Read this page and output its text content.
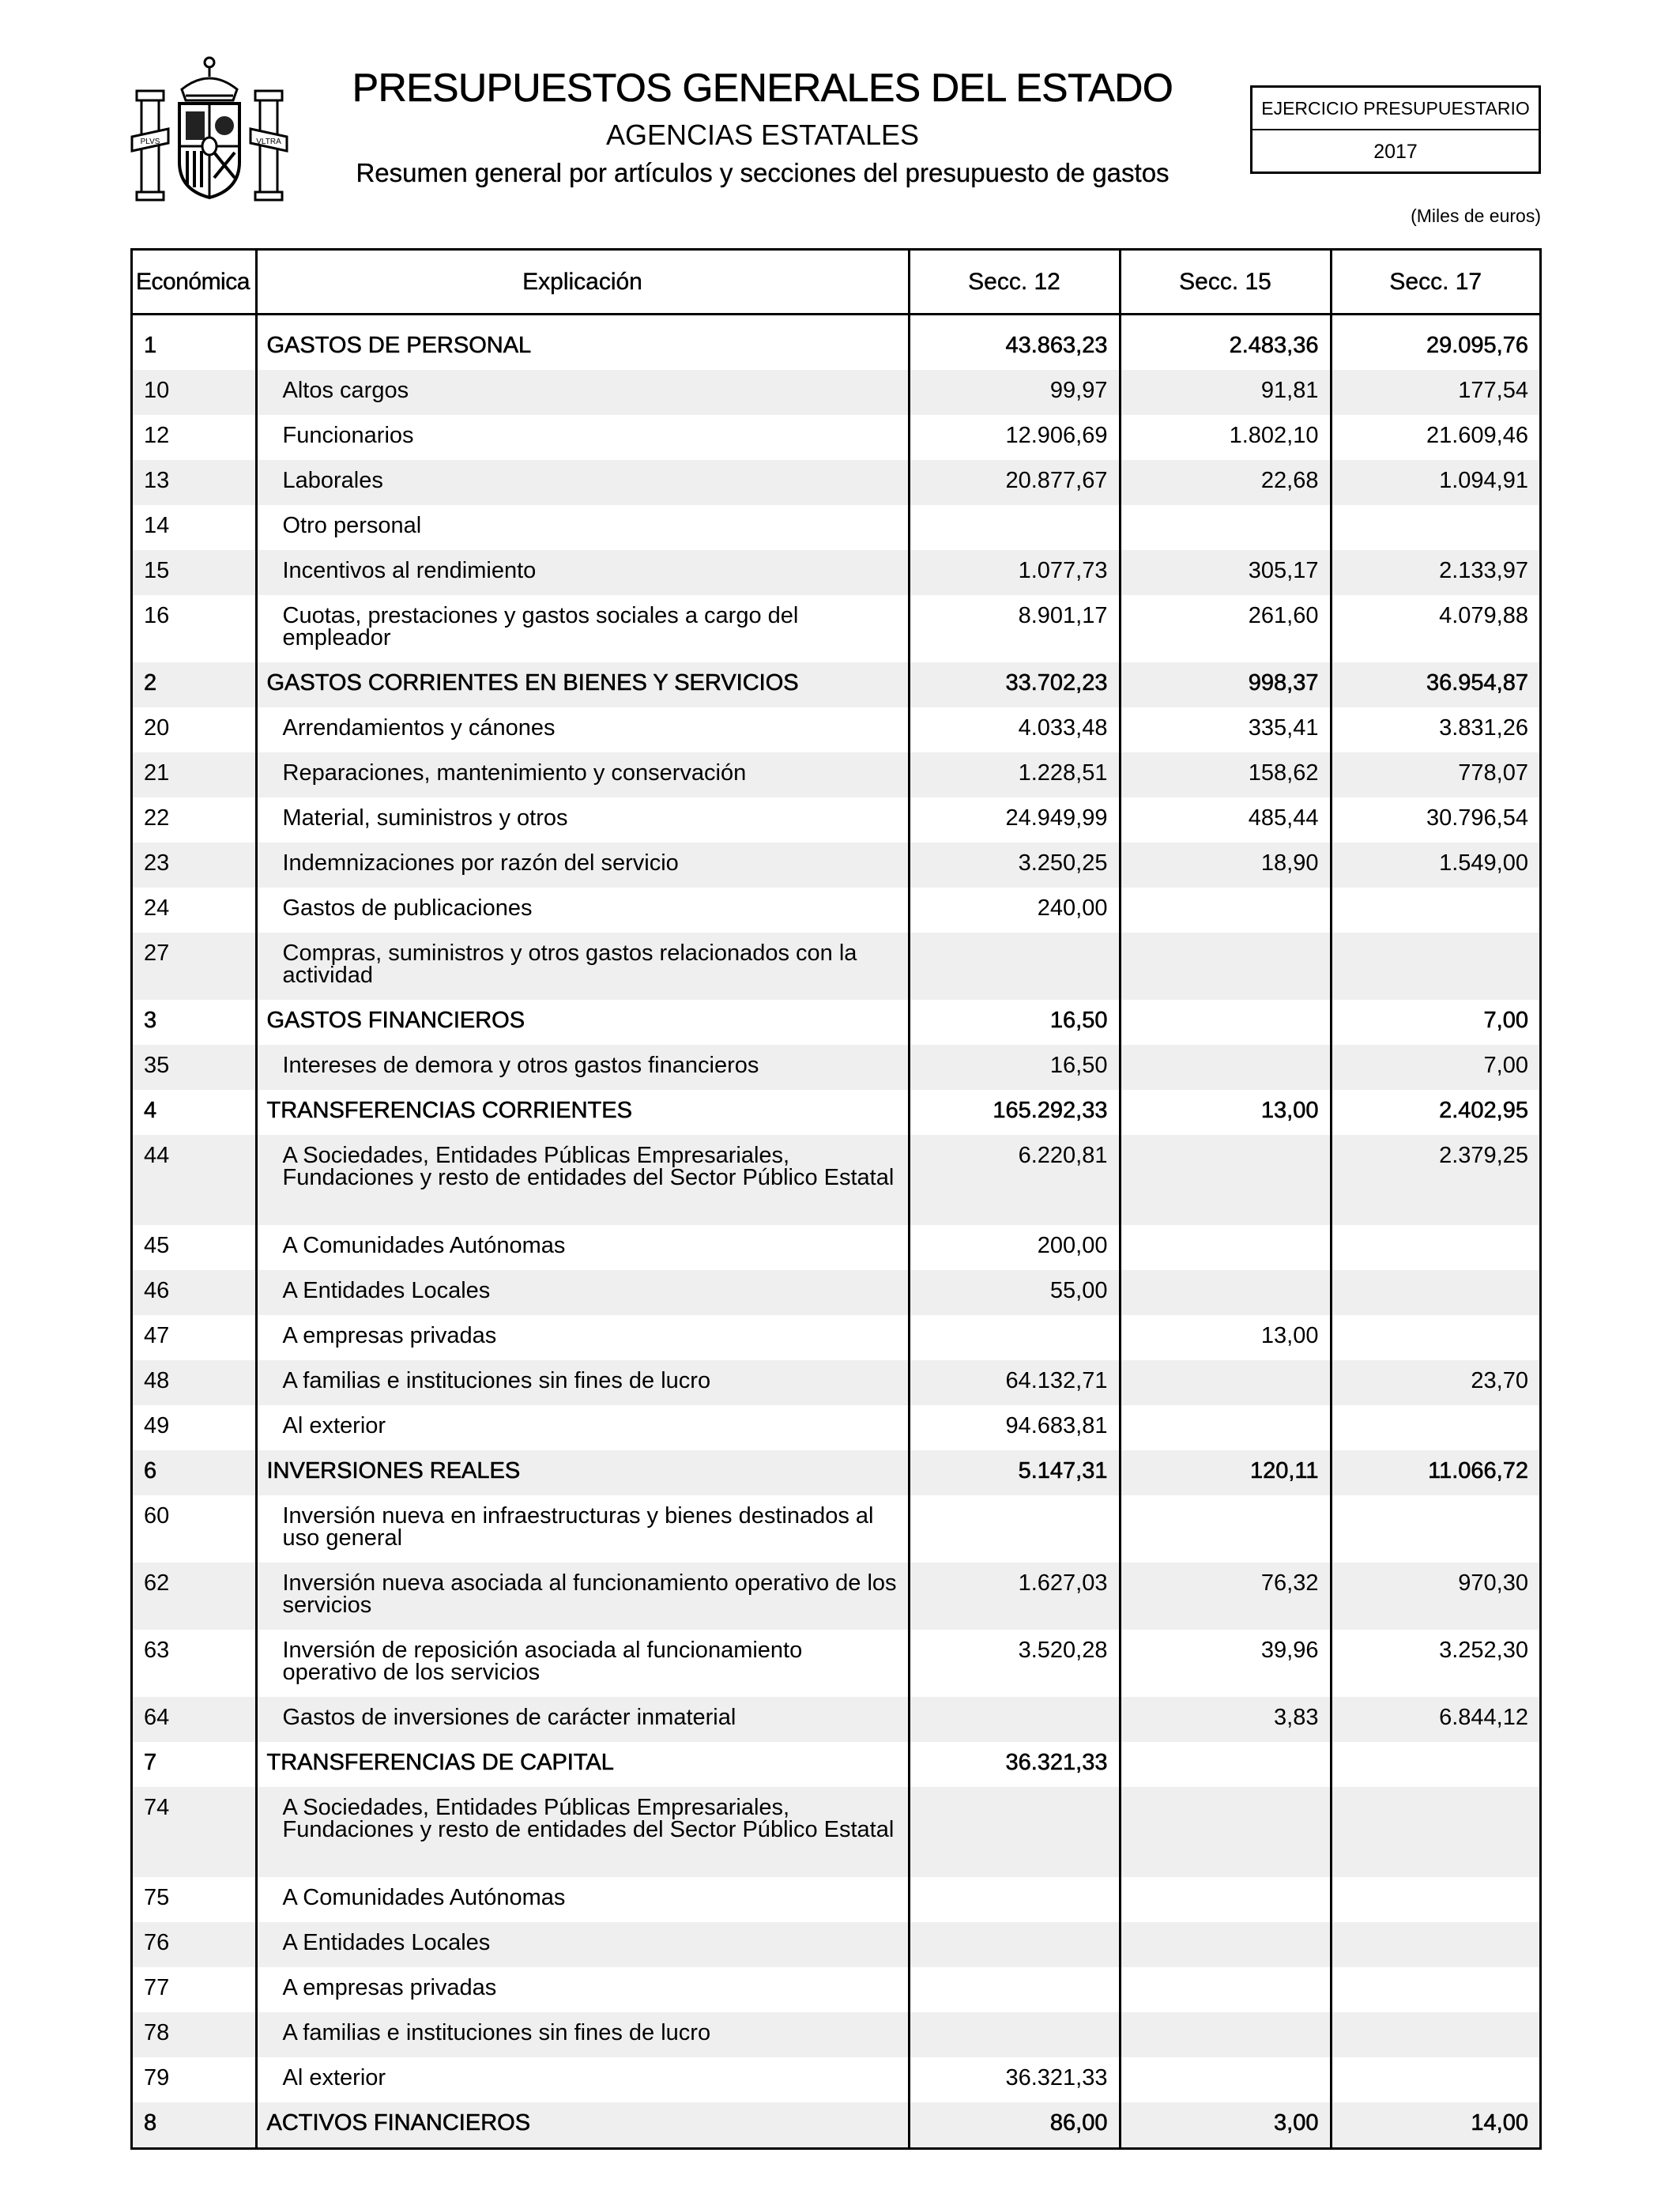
PLVS	VLTRA
PRESUPUESTOS GENERALES DEL ESTADO
AGENCIAS ESTATALES
Resumen general por artículos y secciones del presupuesto de gastos
EJERCICIO PRESUPUESTARIO
2017
(Miles de euros)
Económica	Explicación	Secc. 12	Secc. 15	Secc. 17

1	GASTOS DE PERSONAL	43.863,23	2.483,36	29.095,76
10	Altos cargos	99,97	91,81	177,54
12	Funcionarios	12.906,69	1.802,10	21.609,46
13	Laborales	20.877,67	22,68	1.094,91
14	Otro personal			
15	Incentivos al rendimiento	1.077,73	305,17	2.133,97
16	Cuotas, prestaciones y gastos sociales a cargo del empleador	8.901,17	261,60	4.079,88
2	GASTOS CORRIENTES EN BIENES Y SERVICIOS	33.702,23	998,37	36.954,87
20	Arrendamientos y cánones	4.033,48	335,41	3.831,26
21	Reparaciones, mantenimiento y conservación	1.228,51	158,62	778,07
22	Material, suministros y otros	24.949,99	485,44	30.796,54
23	Indemnizaciones por razón del servicio	3.250,25	18,90	1.549,00
24	Gastos de publicaciones	240,00		
27	Compras, suministros y otros gastos relacionados con la actividad			
3	GASTOS FINANCIEROS	16,50		7,00
35	Intereses de demora y otros gastos financieros	16,50		7,00
4	TRANSFERENCIAS CORRIENTES	165.292,33	13,00	2.402,95
44	A Sociedades, Entidades Públicas Empresariales, Fundaciones y resto de entidades del Sector Público Estatal	6.220,81		2.379,25
45	A Comunidades Autónomas	200,00		
46	A Entidades Locales	55,00		
47	A empresas privadas		13,00	
48	A familias e instituciones sin fines de lucro	64.132,71		23,70
49	Al exterior	94.683,81		
6	INVERSIONES REALES	5.147,31	120,11	11.066,72
60	Inversión nueva en infraestructuras y bienes destinados al uso general			
62	Inversión nueva asociada al funcionamiento operativo de los servicios	1.627,03	76,32	970,30
63	Inversión de reposición asociada al funcionamiento operativo de los servicios	3.520,28	39,96	3.252,30
64	Gastos de inversiones de carácter inmaterial		3,83	6.844,12
7	TRANSFERENCIAS DE CAPITAL	36.321,33		
74	A Sociedades, Entidades Públicas Empresariales, Fundaciones y resto de entidades del Sector Público Estatal			
75	A Comunidades Autónomas			
76	A Entidades Locales			
77	A empresas privadas			
78	A familias e instituciones sin fines de lucro			
79	Al exterior	36.321,33		
8	ACTIVOS FINANCIEROS	86,00	3,00	14,00
